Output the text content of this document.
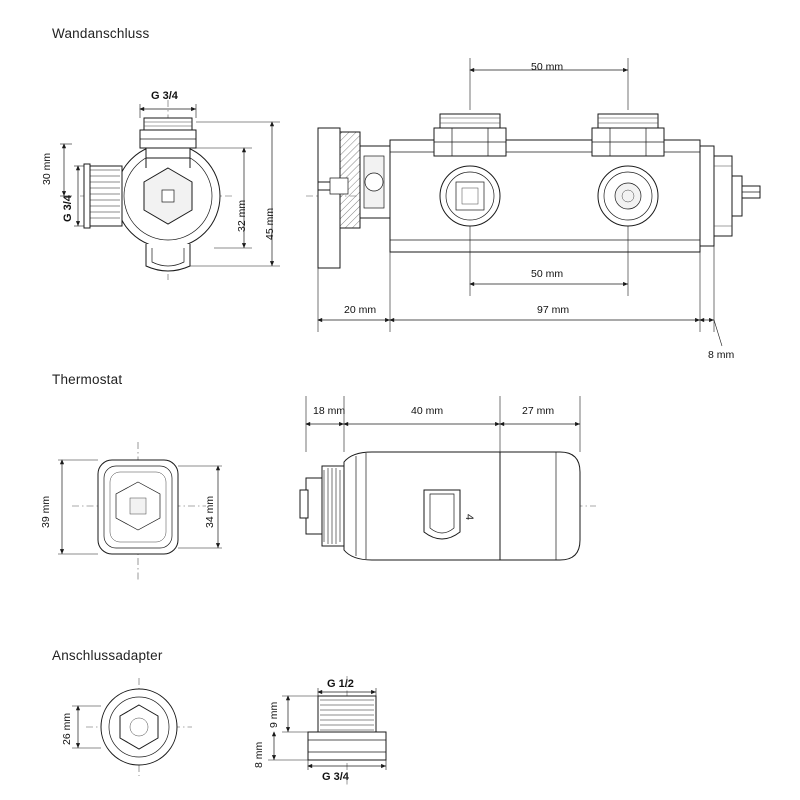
Wandanschluss
Thermostat
Anschlussadapter
G 3/4
G 3/4
30 mm
32 mm 45 mm
50 mm
50 mm
20 mm	97 mm
8 mm
39 mm	34 mm
18 mm	40 mm	27 mm
26 mm
G 1/2
G 3/4
9 mm
8 mm
4
